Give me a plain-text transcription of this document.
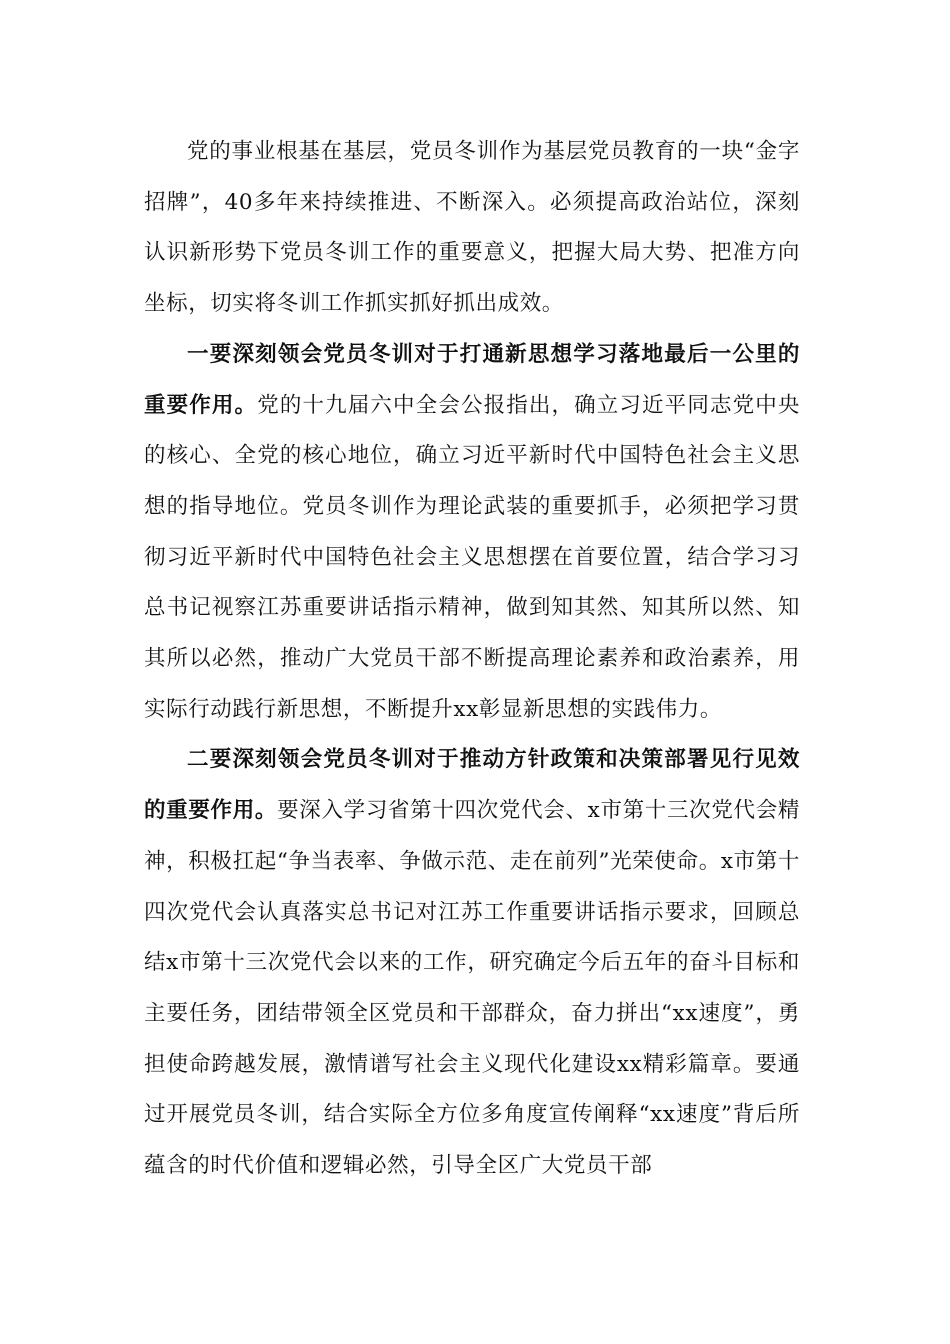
党的事业根基在基层，党员冬训作为基层党员教育的一块“金字招牌”，40多年来持续推进、不断深入。必须提高政治站位，深刻认识新形势下党员冬训工作的重要意义，把握大局大势、把准方向坐标，切实将冬训工作抓实抓好抓出成效。

一要深刻领会党员冬训对于打通新思想学习落地最后一公里的重要作用。党的十九届六中全会公报指出，确立习近平同志党中央的核心、全党的核心地位，确立习近平新时代中国特色社会主义思想的指导地位。党员冬训作为理论武装的重要抓手，必须把学习贯彻习近平新时代中国特色社会主义思想摆在首要位置，结合学习习总书记视察江苏重要讲话指示精神，做到知其然、知其所以然、知其所以必然，推动广大党员干部不断提高理论素养和政治素养，用实际行动践行新思想，不断提升xx彰显新思想的实践伟力。

二要深刻领会党员冬训对于推动方针政策和决策部署见行见效的重要作用。要深入学习省第十四次党代会、x市第十三次党代会精神，积极扛起“争当表率、争做示范、走在前列”光荣使命。x市第十四次党代会认真落实总书记对江苏工作重要讲话指示要求，回顾总结x市第十三次党代会以来的工作，研究确定今后五年的奋斗目标和主要任务，团结带领全区党员和干部群众，奋力拼出“xx速度”，勇担使命跨越发展，激情谱写社会主义现代化建设xx精彩篇章。要通过开展党员冬训，结合实际全方位多角度宣传阐释“xx速度”背后所蕴含的时代价值和逻辑必然，引导全区广大党员干部
